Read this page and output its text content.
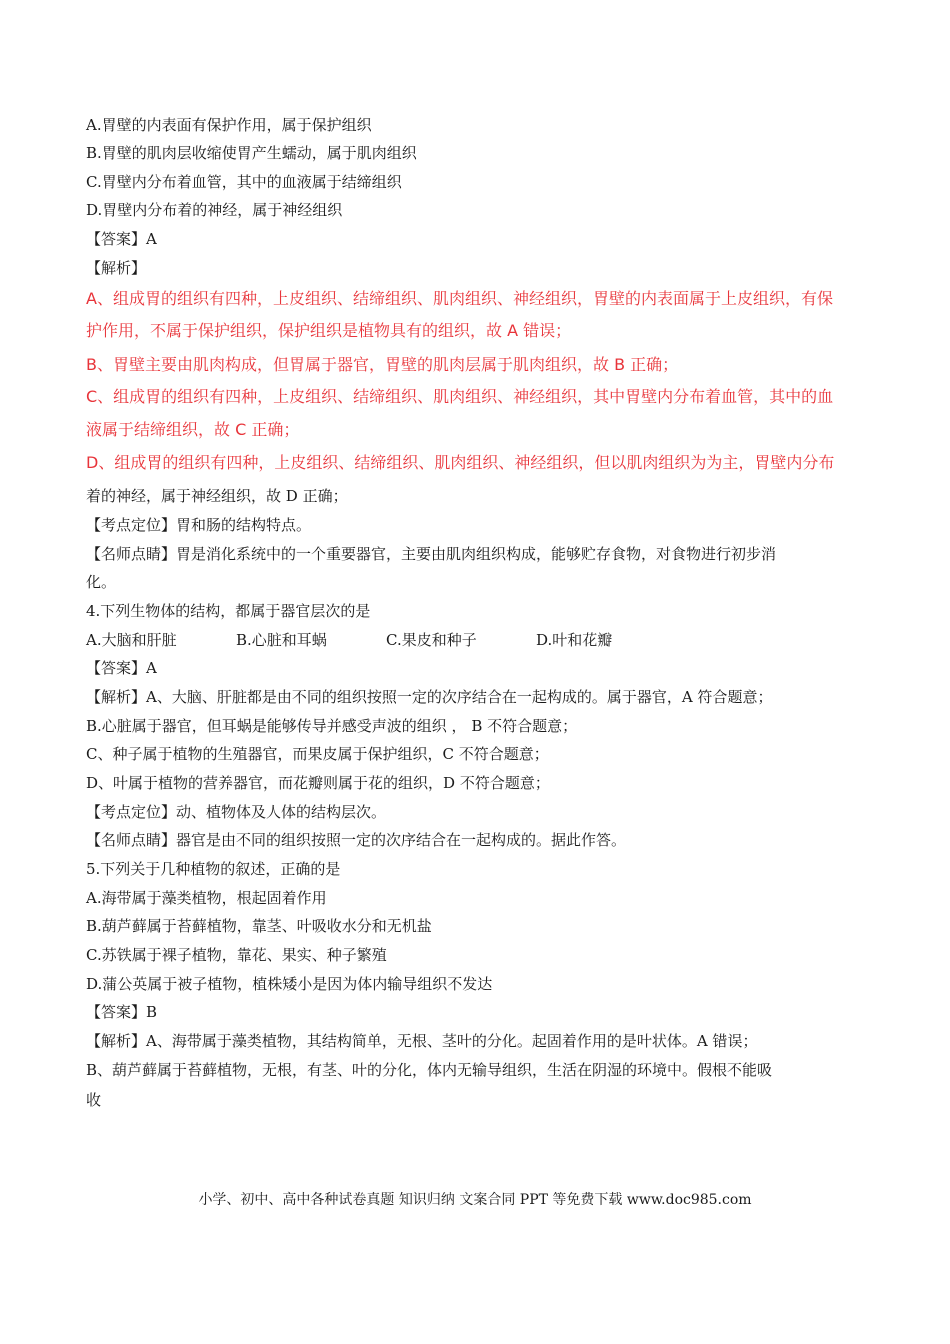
A.胃壁的内表面有保护作用，属于保护组织
B.胃壁的肌肉层收缩使胃产生蠕动，属于肌肉组织
C.胃壁内分布着血管，其中的血液属于结缔组织
D.胃壁内分布着的神经，属于神经组织
【答案】A
【解析】
A、组成胃的组织有四种，上皮组织、结缔组织、肌肉组织、神经组织，胃壁的内表面属于上皮组织，有保
护作用，不属于保护组织，保护组织是植物具有的组织，故 A 错误；
B、胃壁主要由肌肉构成，但胃属于器官，胃壁的肌肉层属于肌肉组织，故 B 正确；
C、组成胃的组织有四种，上皮组织、结缔组织、肌肉组织、神经组织，其中胃壁内分布着血管，其中的血
液属于结缔组织，故 C 正确；
D、组成胃的组织有四种，上皮组织、结缔组织、肌肉组织、神经组织，但以肌肉组织为为主，胃壁内分布
着的神经，属于神经组织，故 D 正确；
【考点定位】胃和肠的结构特点。
【名师点睛】胃是消化系统中的一个重要器官，主要由肌肉组织构成，能够贮存食物，对食物进行初步消
化。
4.下列生物体的结构，都属于器官层次的是
A.大脑和肝脏	B.心脏和耳蜗	C.果皮和种子	D.叶和花瓣
【答案】A
【解析】A、大脑、肝脏都是由不同的组织按照一定的次序结合在一起构成的。属于器官，A 符合题意；
B.心脏属于器官，但耳蜗是能够传导并感受声波的组织 ， B 不符合题意；
C、种子属于植物的生殖器官，而果皮属于保护组织，C 不符合题意；
D、叶属于植物的营养器官，而花瓣则属于花的组织，D 不符合题意；
【考点定位】动、植物体及人体的结构层次。
【名师点睛】器官是由不同的组织按照一定的次序结合在一起构成的。据此作答。
5.下列关于几种植物的叙述，正确的是
A.海带属于藻类植物，根起固着作用
B.葫芦藓属于苔藓植物，靠茎、叶吸收水分和无机盐
C.苏铁属于裸子植物，靠花、果实、种子繁殖
D.蒲公英属于被子植物，植株矮小是因为体内输导组织不发达
【答案】B
【解析】A、海带属于藻类植物，其结构简单，无根、茎叶的分化。起固着作用的是叶状体。A 错误；
B、葫芦藓属于苔藓植物，无根，有茎、叶的分化，体内无输导组织，生活在阴湿的环境中。假根不能吸
收
小学、初中、高中各种试卷真题 知识归纳 文案合同 PPT 等免费下载 www.doc985.com
